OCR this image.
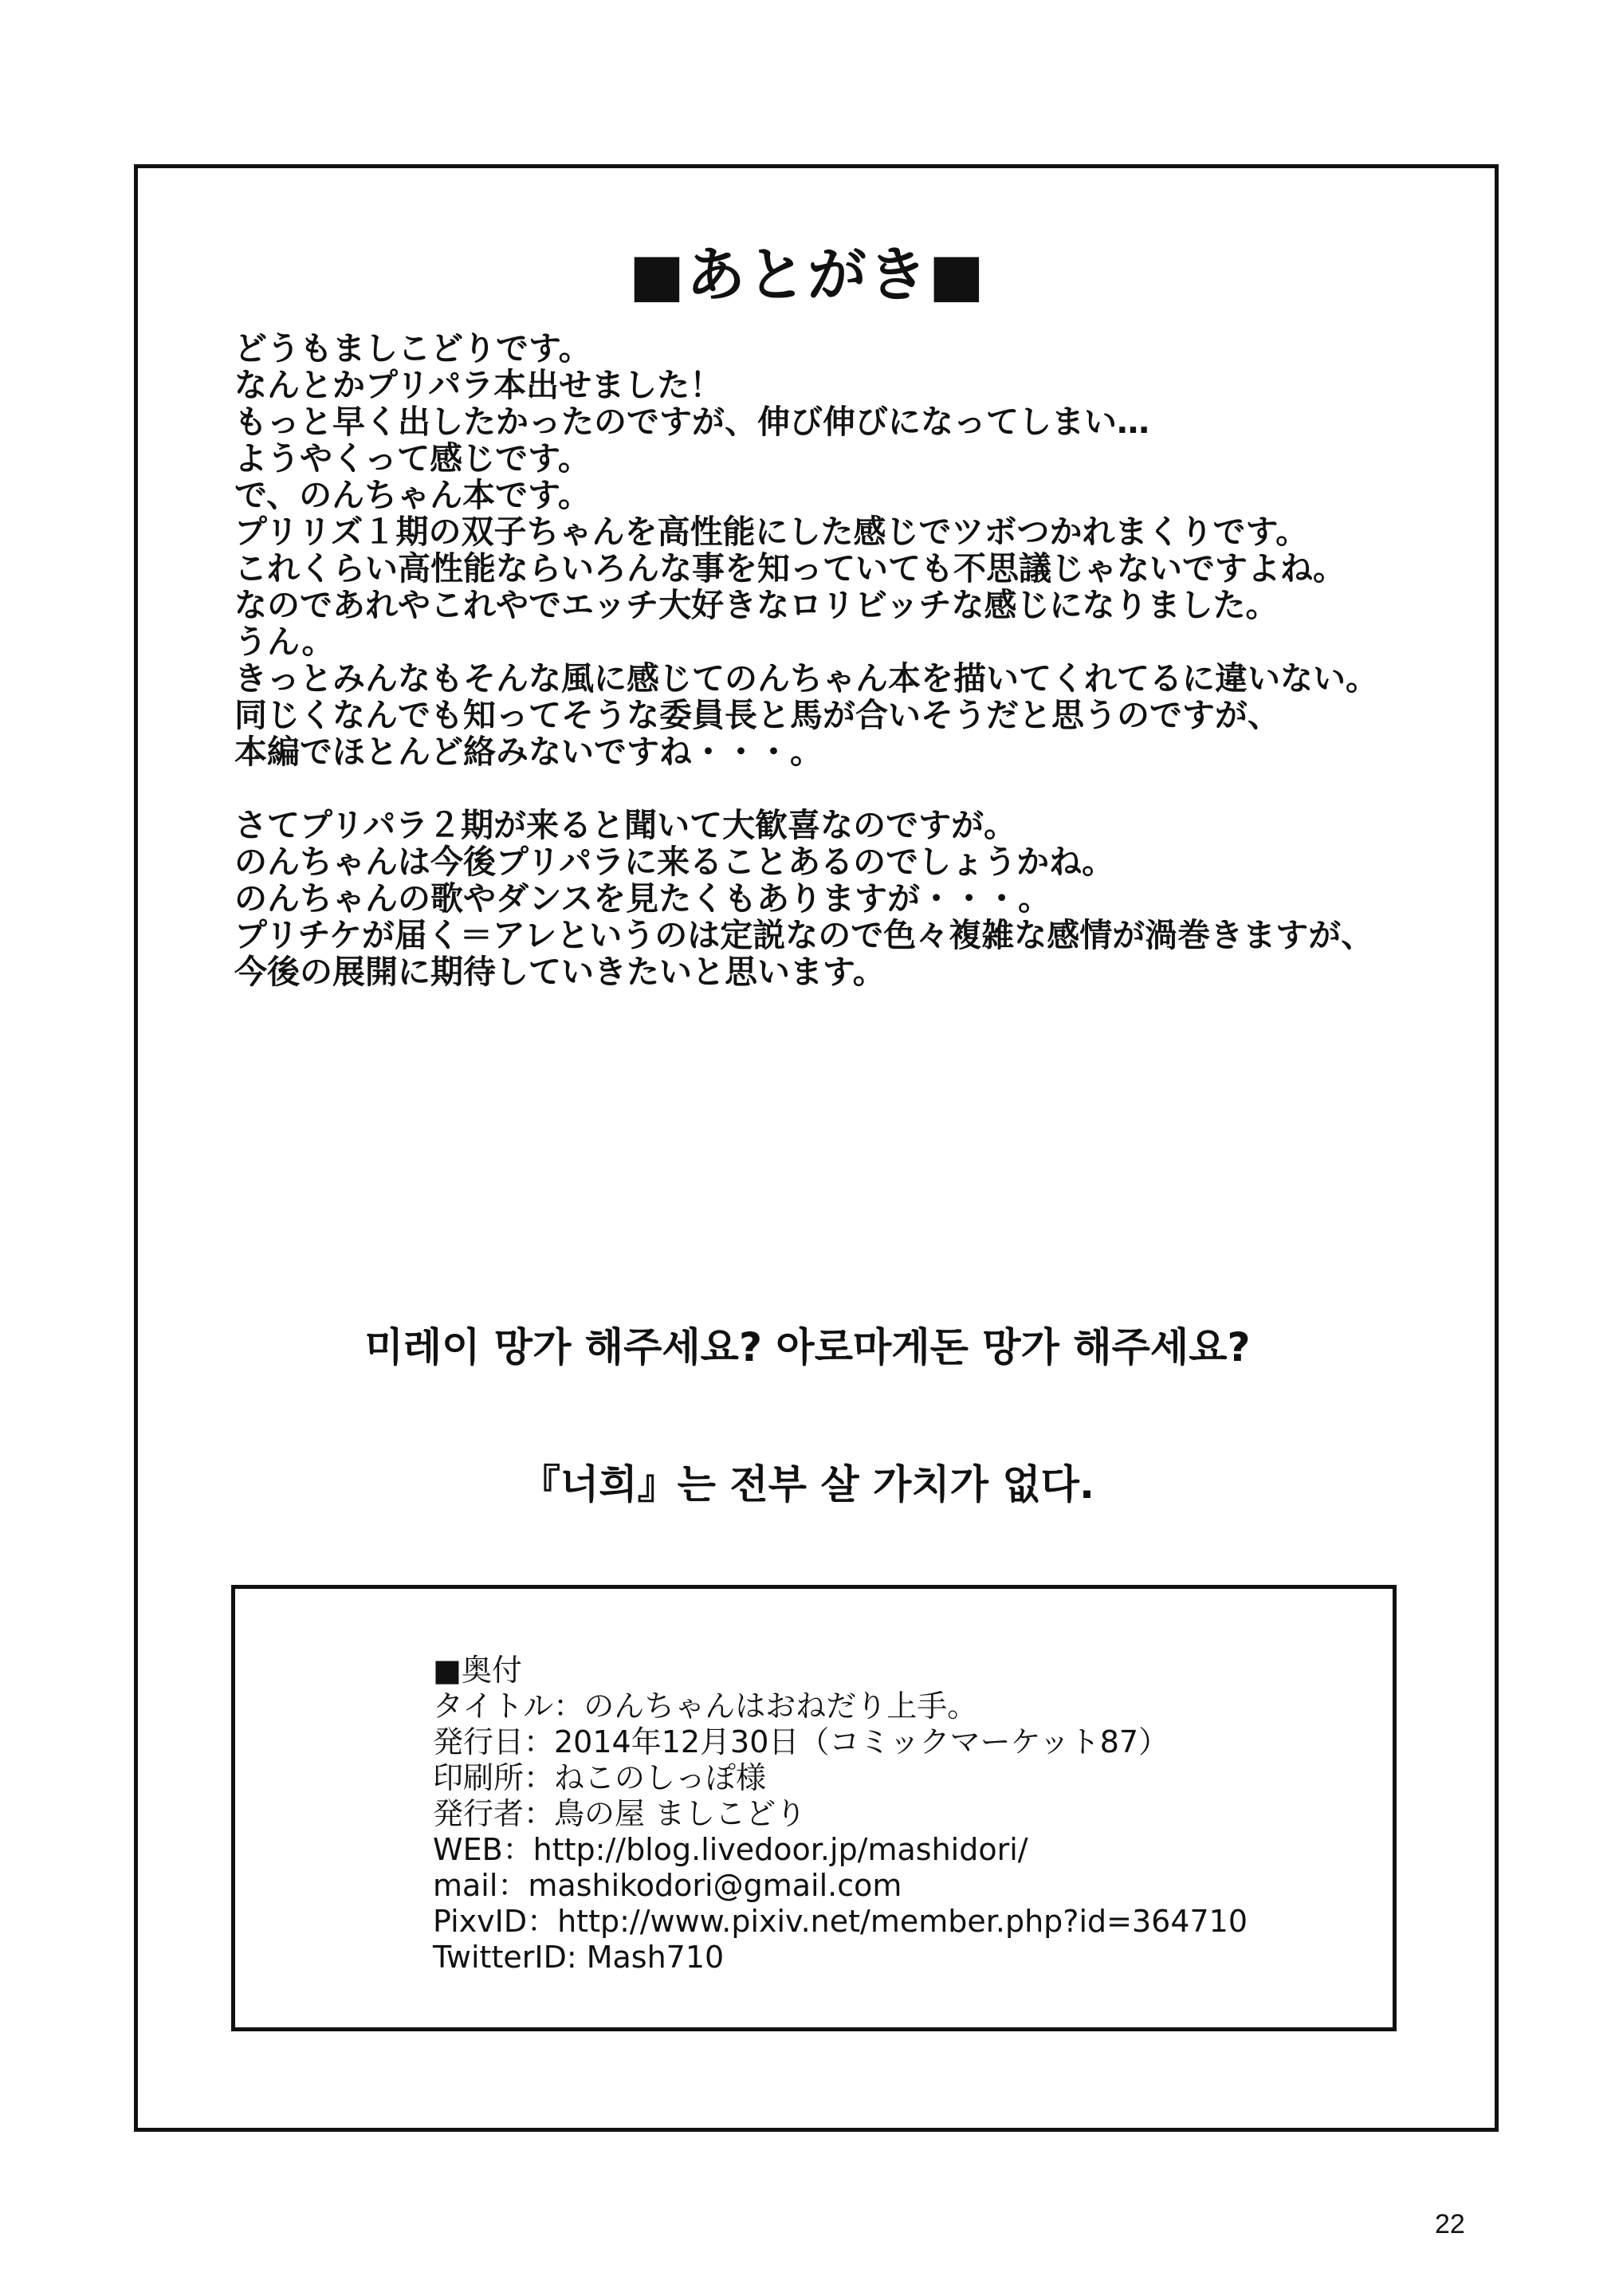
■あとがき■
どうもましこどりです。
なんとかプリパラ本出せました！
もっと早く出したかったのですが、伸び伸びになってしまい…
ようやくって感じです。
で、のんちゃん本です。
プリリズ１期の双子ちゃんを高性能にした感じでツボつかれまくりです。
これくらい高性能ならいろんな事を知っていても不思議じゃないですよね。
なのであれやこれやでエッチ大好きなロリビッチな感じになりました。
うん。
きっとみんなもそんな風に感じてのんちゃん本を描いてくれてるに違いない。
同じくなんでも知ってそうな委員長と馬が合いそうだと思うのですが、
本編でほとんど絡みないですね・・・。
さてプリパラ２期が来ると聞いて大歓喜なのですが。
のんちゃんは今後プリパラに来ることあるのでしょうかね。
のんちゃんの歌やダンスを見たくもありますが・・・。
プリチケが届く＝アレというのは定説なので色々複雑な感情が渦巻きますが、
今後の展開に期待していきたいと思います。
미레이 망가 해주세요? 아로마게돈 망가 해주세요?
『너희』는 전부 살 가치가 없다.
■奥付
タイトル：のんちゃんはおねだり上手。
発行日：2014年12月30日（コミックマーケット87）
印刷所：ねこのしっぽ様
発行者：鳥の屋 ましこどり
WEB：http://blog.livedoor.jp/mashidori/
mail：mashikodori@gmail.com
PixvID：http://www.pixiv.net/member.php?id=364710
TwitterID: Mash710
22
